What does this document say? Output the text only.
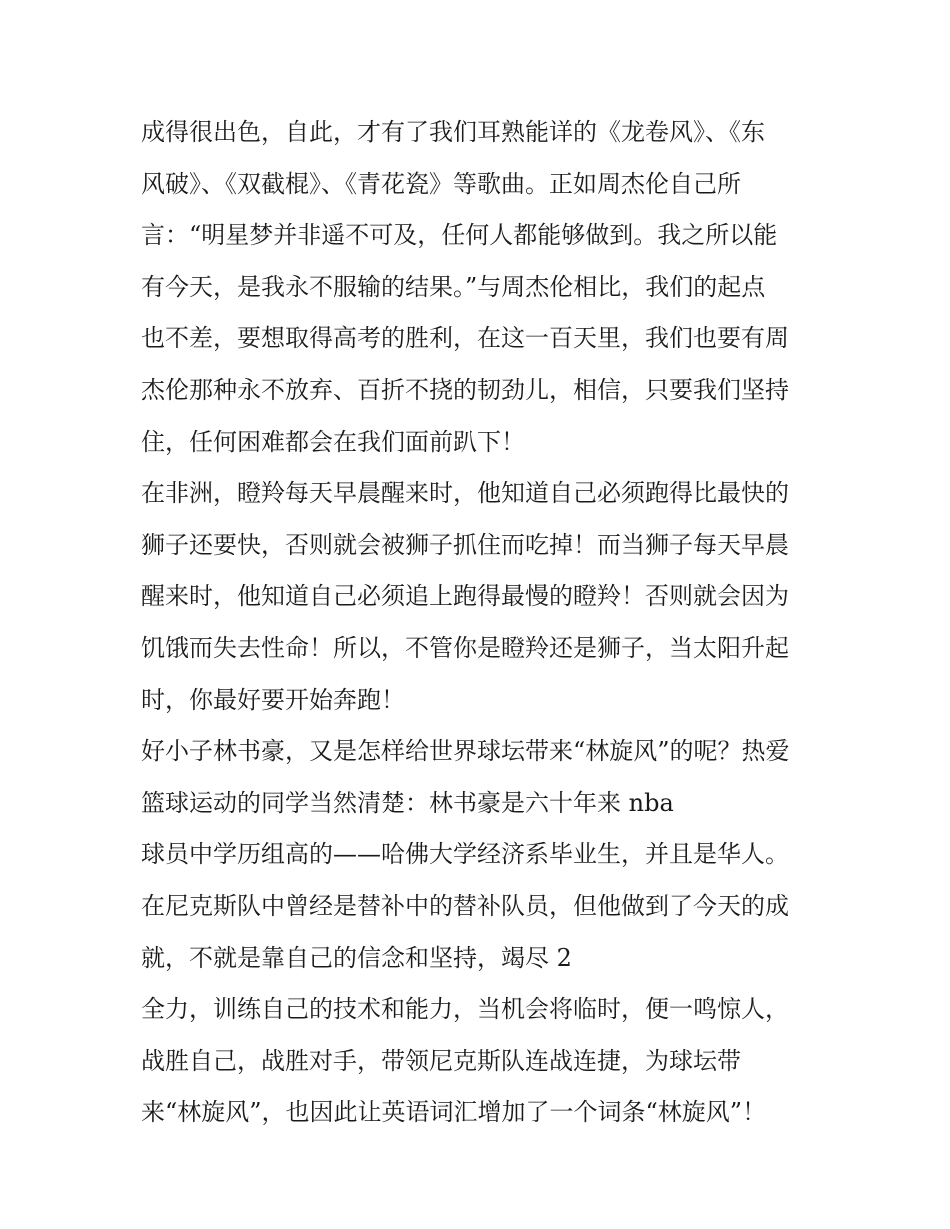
成得很出色，自此，才有了我们耳熟能详的《龙卷风》、《东
风破》、《双截棍》、《青花瓷》等歌曲。正如周杰伦自己所
言：“明星梦并非遥不可及，任何人都能够做到。我之所以能
有今天，是我永不服输的结果。”与周杰伦相比，我们的起点
也不差，要想取得高考的胜利，在这一百天里，我们也要有周
杰伦那种永不放弃、百折不挠的韧劲儿，相信，只要我们坚持
住，任何困难都会在我们面前趴下！
在非洲，瞪羚每天早晨醒来时，他知道自己必须跑得比最快的
狮子还要快，否则就会被狮子抓住而吃掉！而当狮子每天早晨
醒来时，他知道自己必须追上跑得最慢的瞪羚！否则就会因为
饥饿而失去性命！所以，不管你是瞪羚还是狮子，当太阳升起
时，你最好要开始奔跑！
好小子林书豪，又是怎样给世界球坛带来“林旋风”的呢？热爱
篮球运动的同学当然清楚：林书豪是六十年来 nba
球员中学历组高的——哈佛大学经济系毕业生，并且是华人。
在尼克斯队中曾经是替补中的替补队员，但他做到了今天的成
就，不就是靠自己的信念和坚持，竭尽 2
全力，训练自己的技术和能力，当机会将临时，便一鸣惊人，
战胜自己，战胜对手，带领尼克斯队连战连捷，为球坛带
来“林旋风”，也因此让英语词汇增加了一个词条“林旋风”！
